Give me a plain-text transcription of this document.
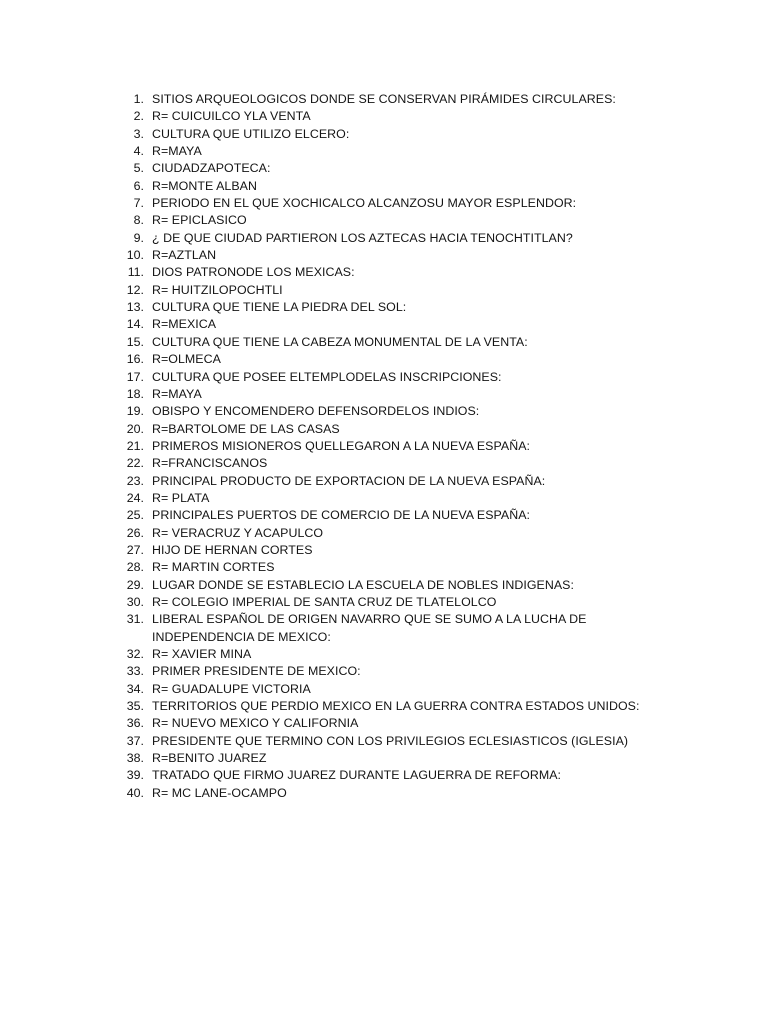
1. SITIOS ARQUEOLOGICOS DONDE SE CONSERVAN PIRÁMIDES CIRCULARES:
2. R= CUICUILCO YLA VENTA
3. CULTURA QUE UTILIZO ELCERO:
4. R=MAYA
5. CIUDADZAPOTECA:
6. R=MONTE ALBAN
7. PERIODO EN EL QUE XOCHICALCO ALCANZOSU MAYOR ESPLENDOR:
8. R= EPICLASICO
9. ¿ DE QUE CIUDAD PARTIERON LOS AZTECAS HACIA TENOCHTITLAN?
10. R=AZTLAN
11. DIOS PATRONODE LOS MEXICAS:
12. R= HUITZILOPOCHTLI
13. CULTURA QUE TIENE LA PIEDRA DEL SOL:
14. R=MEXICA
15. CULTURA QUE TIENE LA CABEZA MONUMENTAL DE LA VENTA:
16. R=OLMECA
17. CULTURA QUE POSEE ELTEMPLODELAS INSCRIPCIONES:
18. R=MAYA
19. OBISPO Y ENCOMENDERO DEFENSORDELOS INDIOS:
20. R=BARTOLOME DE LAS CASAS
21. PRIMEROS MISIONEROS QUELLEGARON A LA NUEVA ESPAÑA:
22. R=FRANCISCANOS
23. PRINCIPAL PRODUCTO DE EXPORTACION DE LA NUEVA ESPAÑA:
24. R= PLATA
25. PRINCIPALES PUERTOS DE COMERCIO DE LA NUEVA ESPAÑA:
26. R= VERACRUZ Y ACAPULCO
27. HIJO DE HERNAN CORTES
28. R= MARTIN CORTES
29. LUGAR DONDE SE ESTABLECIO LA ESCUELA DE NOBLES INDIGENAS:
30. R= COLEGIO IMPERIAL DE SANTA CRUZ DE TLATELOLCO
31. LIBERAL ESPAÑOL DE ORIGEN NAVARRO QUE SE SUMO A LA LUCHA DE INDEPENDENCIA DE MEXICO:
32. R= XAVIER MINA
33. PRIMER PRESIDENTE DE MEXICO:
34. R= GUADALUPE VICTORIA
35. TERRITORIOS QUE PERDIO MEXICO EN LA GUERRA CONTRA ESTADOS UNIDOS:
36. R= NUEVO MEXICO Y CALIFORNIA
37. PRESIDENTE QUE TERMINO CON LOS PRIVILEGIOS ECLESIASTICOS (IGLESIA)
38. R=BENITO JUAREZ
39. TRATADO QUE FIRMO JUAREZ DURANTE LAGUERRA DE REFORMA:
40. R= MC LANE-OCAMPO
